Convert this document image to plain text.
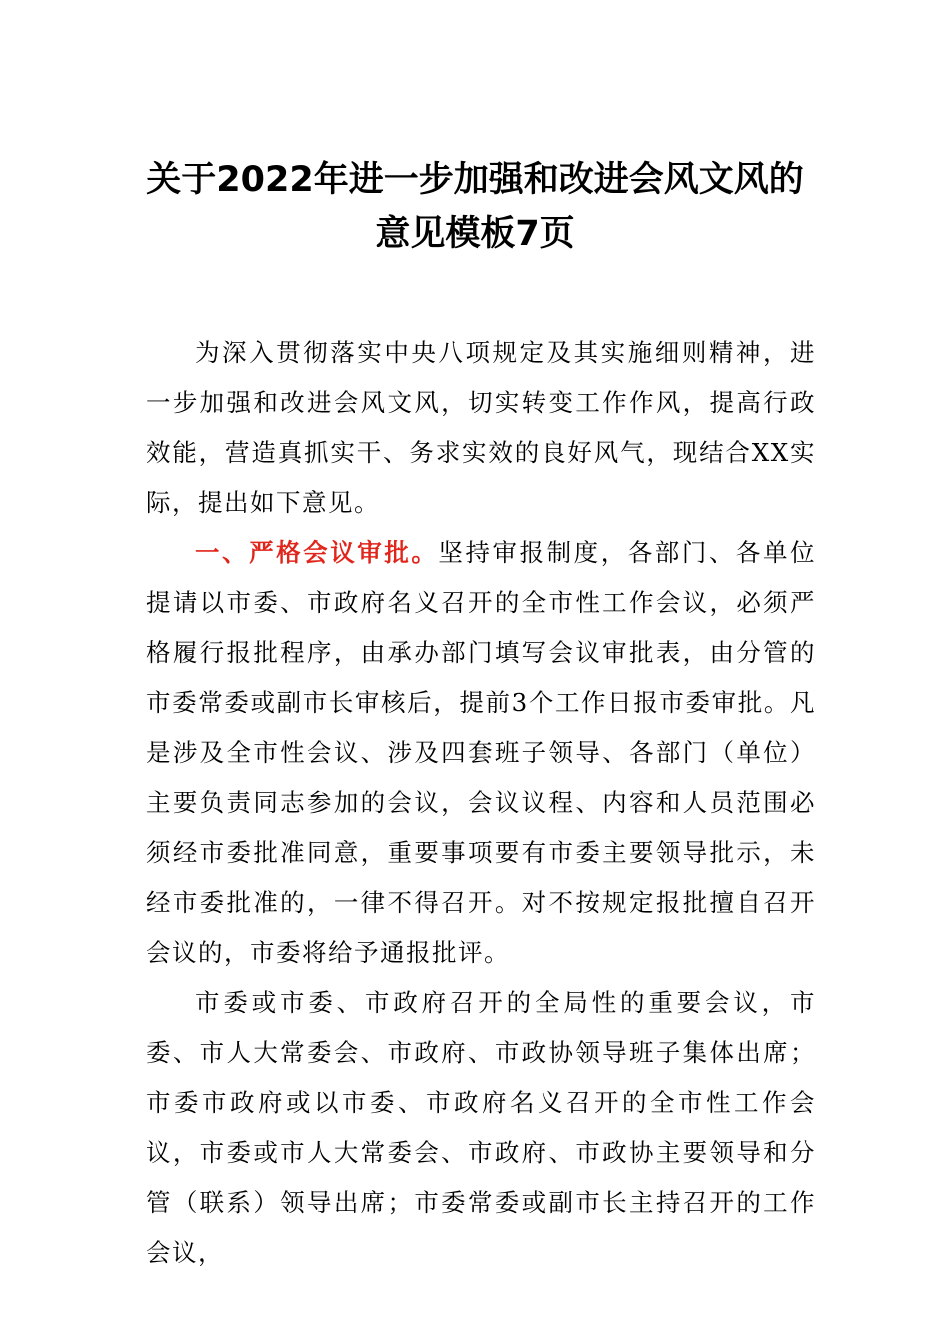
关于2022年进一步加强和改进会风文风的
意见模板7页

为深入贯彻落实中央八项规定及其实施细则精神，进一步加强和改进会风文风，切实转变工作作风，提高行政效能，营造真抓实干、务求实效的良好风气，现结合XX实际，提出如下意见。

一、严格会议审批。坚持审报制度，各部门、各单位提请以市委、市政府名义召开的全市性工作会议，必须严格履行报批程序，由承办部门填写会议审批表，由分管的市委常委或副市长审核后，提前3个工作日报市委审批。凡是涉及全市性会议、涉及四套班子领导、各部门（单位）主要负责同志参加的会议，会议议程、内容和人员范围必须经市委批准同意，重要事项要有市委主要领导批示，未经市委批准的，一律不得召开。对不按规定报批擅自召开会议的，市委将给予通报批评。

市委或市委、市政府召开的全局性的重要会议，市委、市人大常委会、市政府、市政协领导班子集体出席；市委市政府或以市委、市政府名义召开的全市性工作会议，市委或市人大常委会、市政府、市政协主要领导和分管（联系）领导出席；市委常委或副市长主持召开的工作会议，
